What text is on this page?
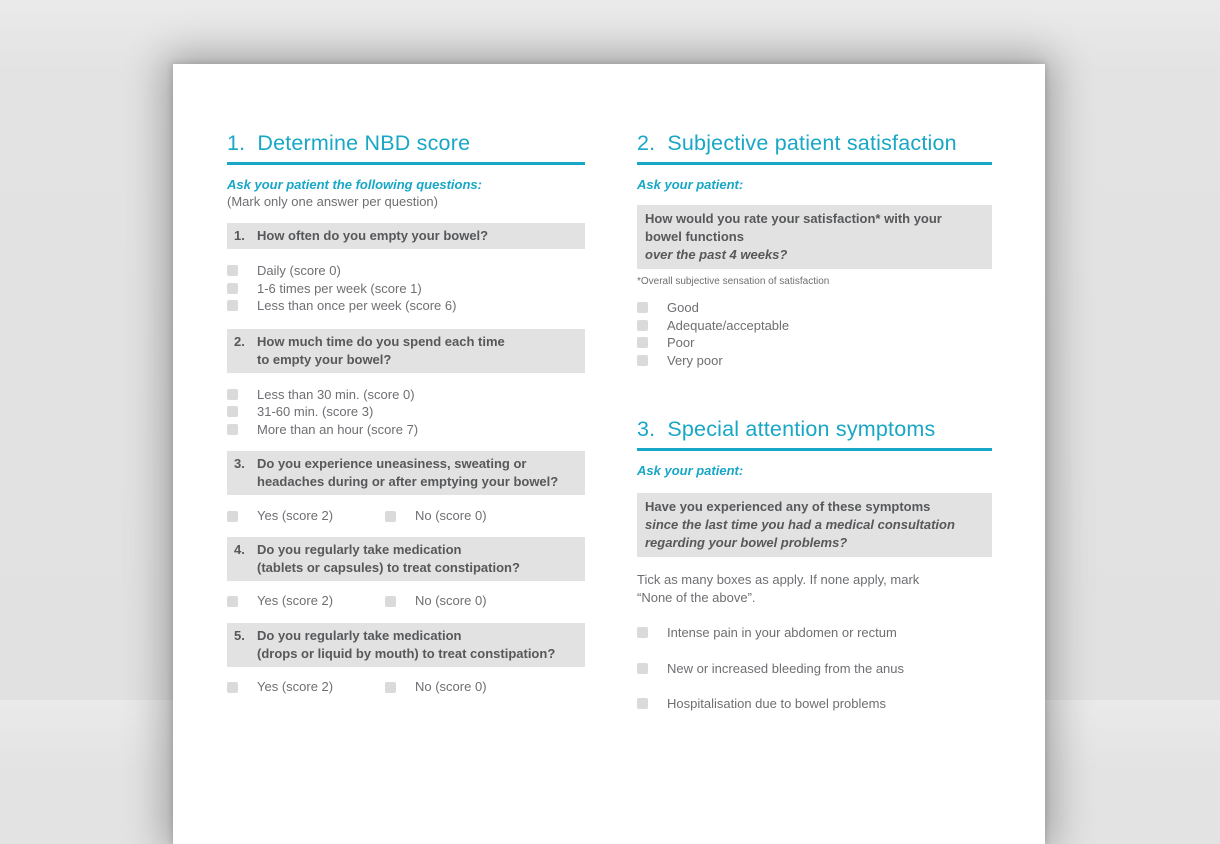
1. Determine NBD score
Ask your patient the following questions:
(Mark only one answer per question)
1. How often do you empty your bowel?
Daily (score 0)
1-6 times per week (score 1)
Less than once per week (score 6)
2. How much time do you spend each time
to empty your bowel?
Less than 30 min. (score 0)
31-60 min. (score 3)
More than an hour (score 7)
3. Do you experience uneasiness, sweating or
headaches during or after emptying your bowel?
Yes (score 2)	No (score 0)
4. Do you regularly take medication
(tablets or capsules) to treat constipation?
Yes (score 2)	No (score 0)
5. Do you regularly take medication
(drops or liquid by mouth) to treat constipation?
Yes (score 2)	No (score 0)
2. Subjective patient satisfaction
Ask your patient:
How would you rate your satisfaction* with your
bowel functions
over the past 4 weeks?
*Overall subjective sensation of satisfaction
Good
Adequate/acceptable
Poor
Very poor
3. Special attention symptoms
Ask your patient:
Have you experienced any of these symptoms
since the last time you had a medical consultation
regarding your bowel problems?
Tick as many boxes as apply. If none apply, mark
“None of the above”.
Intense pain in your abdomen or rectum
New or increased bleeding from the anus
Hospitalisation due to bowel problems
